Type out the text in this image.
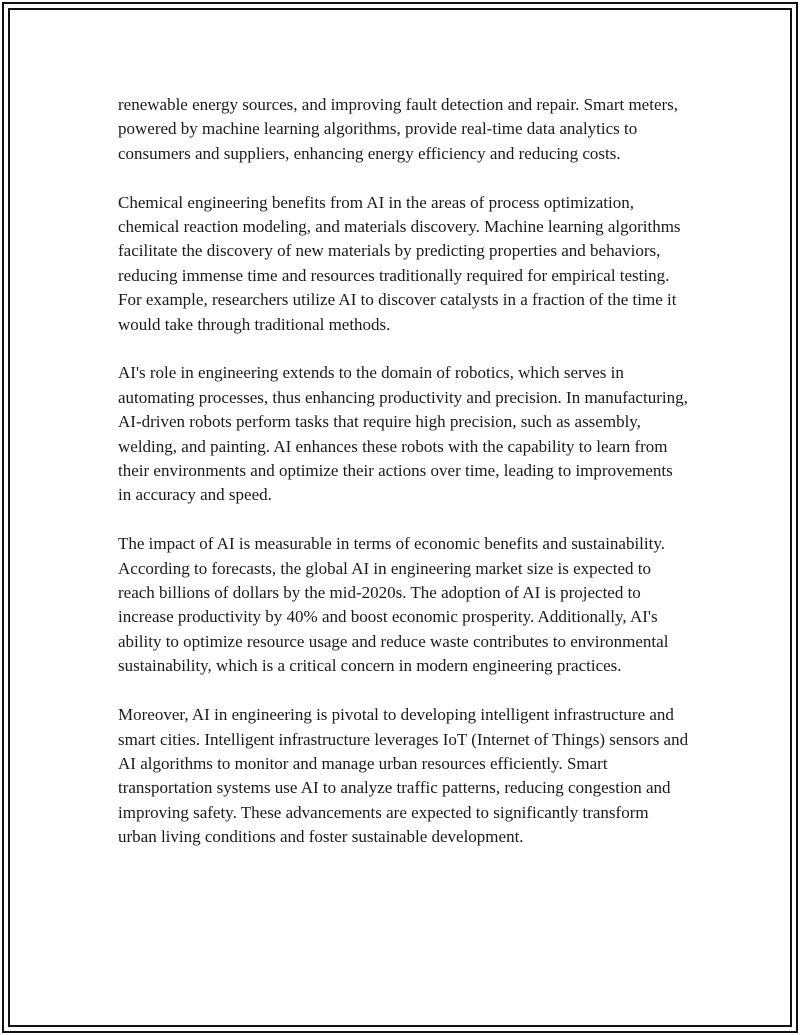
renewable energy sources, and improving fault detection and repair. Smart meters, powered by machine learning algorithms, provide real-time data analytics to consumers and suppliers, enhancing energy efficiency and reducing costs.

Chemical engineering benefits from AI in the areas of process optimization, chemical reaction modeling, and materials discovery. Machine learning algorithms facilitate the discovery of new materials by predicting properties and behaviors, reducing immense time and resources traditionally required for empirical testing. For example, researchers utilize AI to discover catalysts in a fraction of the time it would take through traditional methods.

AI's role in engineering extends to the domain of robotics, which serves in automating processes, thus enhancing productivity and precision. In manufacturing, AI-driven robots perform tasks that require high precision, such as assembly, welding, and painting. AI enhances these robots with the capability to learn from their environments and optimize their actions over time, leading to improvements in accuracy and speed.

The impact of AI is measurable in terms of economic benefits and sustainability. According to forecasts, the global AI in engineering market size is expected to reach billions of dollars by the mid-2020s. The adoption of AI is projected to increase productivity by 40% and boost economic prosperity. Additionally, AI's ability to optimize resource usage and reduce waste contributes to environmental sustainability, which is a critical concern in modern engineering practices.

Moreover, AI in engineering is pivotal to developing intelligent infrastructure and smart cities. Intelligent infrastructure leverages IoT (Internet of Things) sensors and AI algorithms to monitor and manage urban resources efficiently. Smart transportation systems use AI to analyze traffic patterns, reducing congestion and improving safety. These advancements are expected to significantly transform urban living conditions and foster sustainable development.
